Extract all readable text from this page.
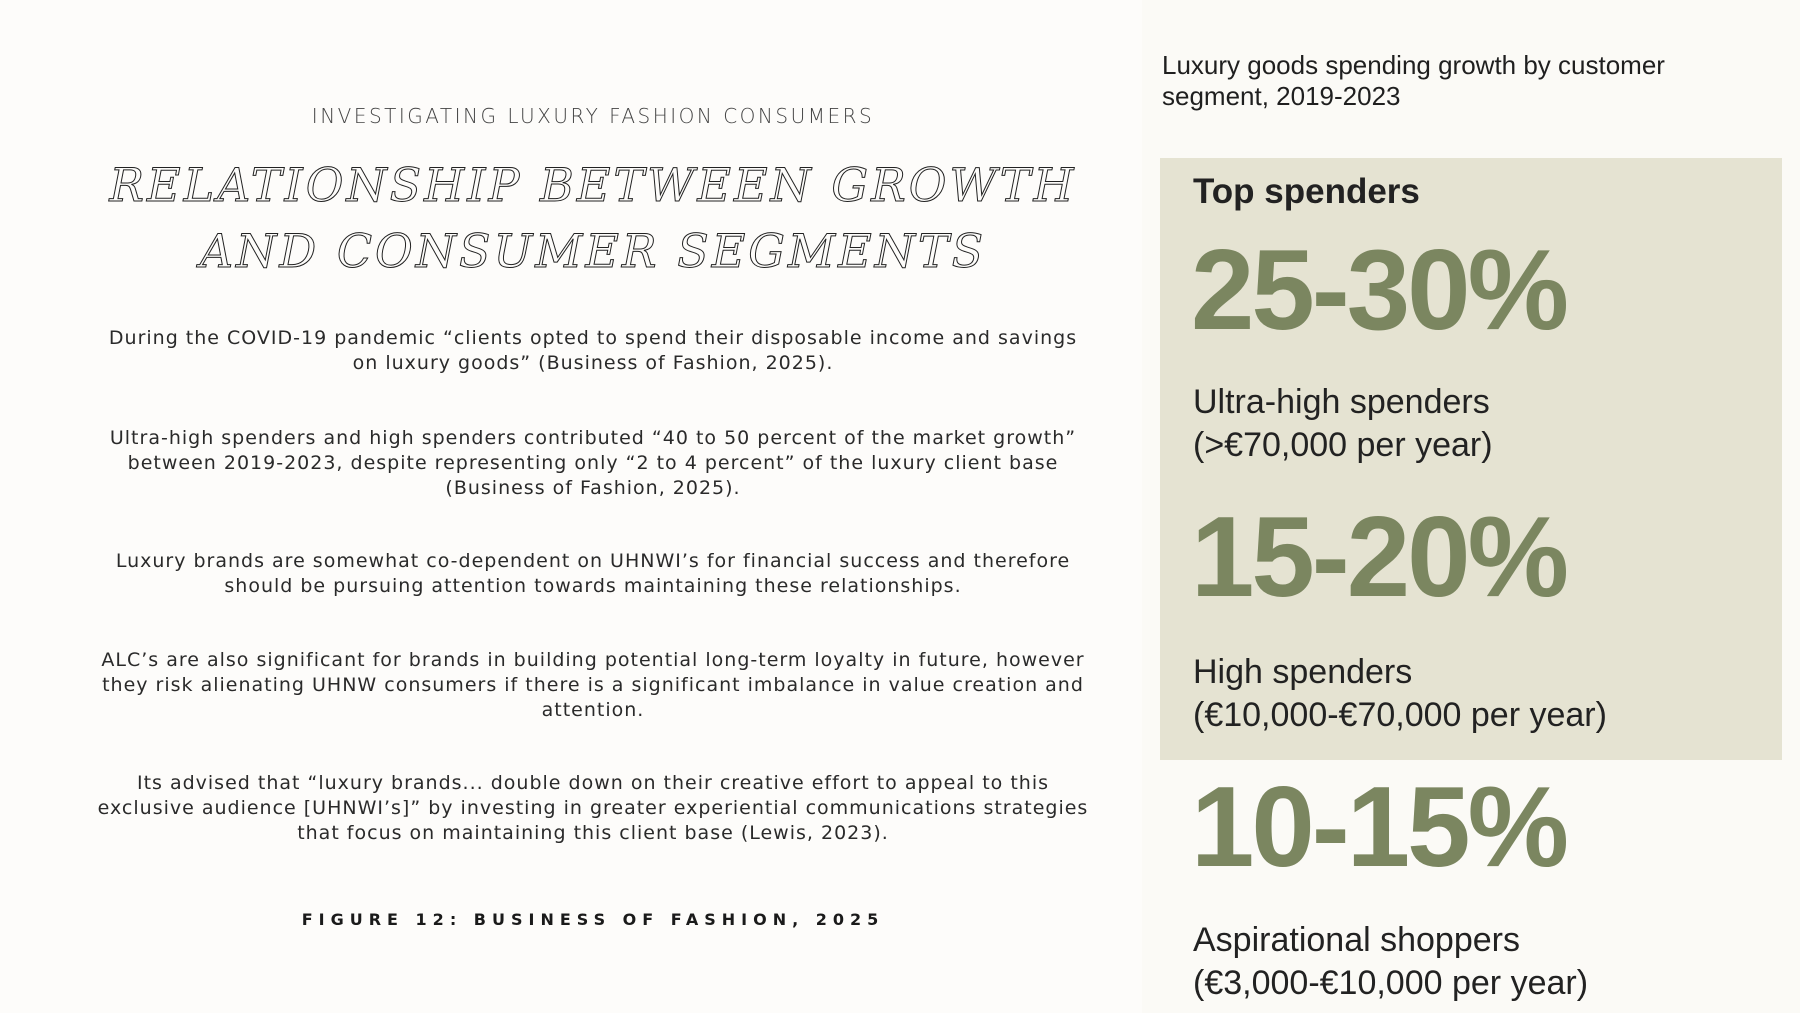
INVESTIGATING LUXURY FASHION CONSUMERS
RELATIONSHIP BETWEEN GROWTH
AND CONSUMER SEGMENTS
During the COVID-19 pandemic “clients opted to spend their disposable income and savings on luxury goods” (Business of Fashion, 2025).
Ultra-high spenders and high spenders contributed “40 to 50 percent of the market growth” between 2019-2023, despite representing only “2 to 4 percent” of the luxury client base (Business of Fashion, 2025).
Luxury brands are somewhat co-dependent on UHNWI’s for financial success and therefore should be pursuing attention towards maintaining these relationships.
ALC’s are also significant for brands in building potential long-term loyalty in future, however they risk alienating UHNW consumers if there is a significant imbalance in value creation and attention.
Its advised that “luxury brands... double down on their creative effort to appeal to this exclusive audience [UHNWI’s]” by investing in greater experiential communications strategies that focus on maintaining this client base (Lewis, 2023).
FIGURE 12: BUSINESS OF FASHION, 2025
Luxury goods spending growth by customer segment, 2019-2023
Top spenders
25-30%
Ultra-high spenders
(>€70,000 per year)
15-20%
High spenders
(€10,000-€70,000 per year)
10-15%
Aspirational shoppers
(€3,000-€10,000 per year)
